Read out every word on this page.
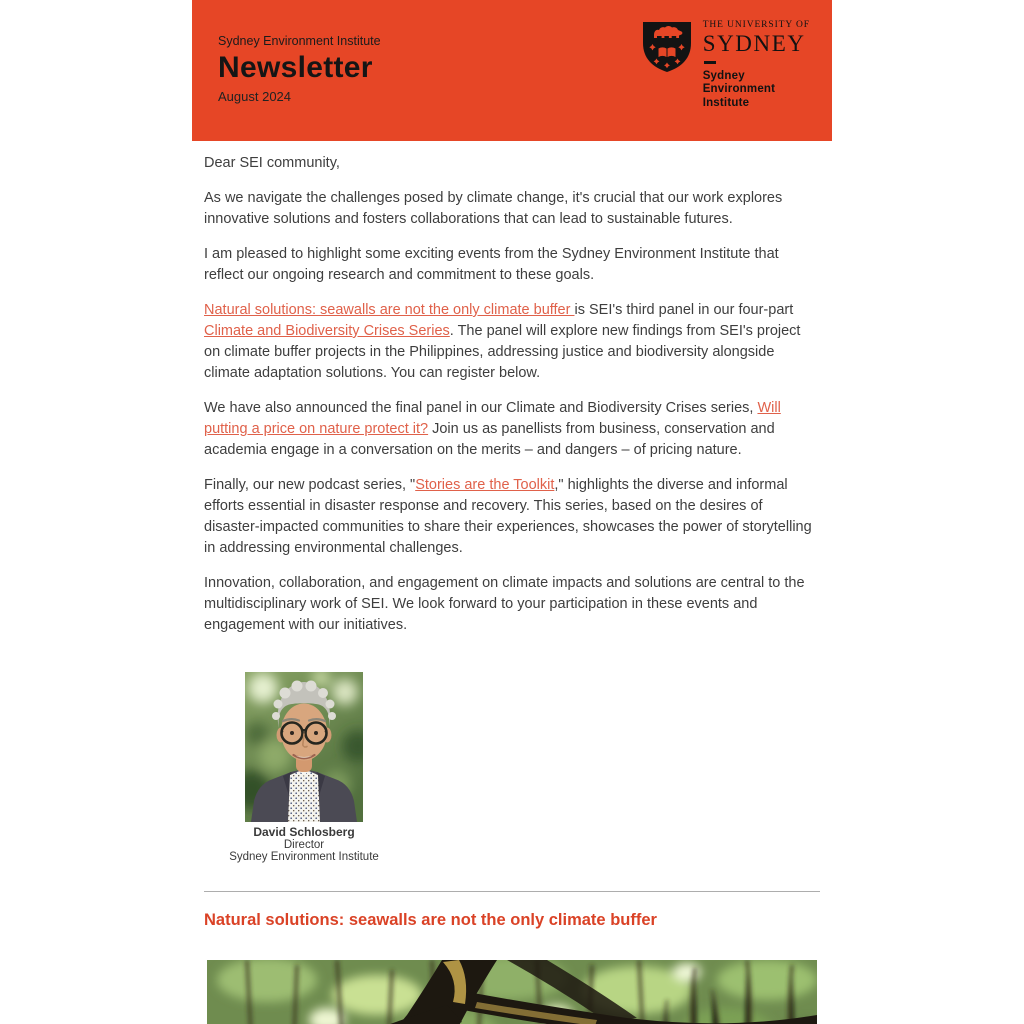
Sydney Environment Institute
Newsletter
August 2024
THE UNIVERSITY OF
SYDNEY
Sydney
Environment
Institute

Dear SEI community,

As we navigate the challenges posed by climate change, it's crucial that our work explores innovative solutions and fosters collaborations that can lead to sustainable futures.

I am pleased to highlight some exciting events from the Sydney Environment Institute that reflect our ongoing research and commitment to these goals.

Natural solutions: seawalls are not the only climate buffer is SEI's third panel in our four-part Climate and Biodiversity Crises Series. The panel will explore new findings from SEI's project on climate buffer projects in the Philippines, addressing justice and biodiversity alongside climate adaptation solutions. You can register below.

We have also announced the final panel in our Climate and Biodiversity Crises series, Will putting a price on nature protect it? Join us as panellists from business, conservation and academia engage in a conversation on the merits – and dangers – of pricing nature.

Finally, our new podcast series, "Stories are the Toolkit," highlights the diverse and informal efforts essential in disaster response and recovery. This series, based on the desires of disaster-impacted communities to share their experiences, showcases the power of storytelling in addressing environmental challenges.

Innovation, collaboration, and engagement on climate impacts and solutions are central to the multidisciplinary work of SEI. We look forward to your participation in these events and engagement with our initiatives.

David Schlosberg
Director
Sydney Environment Institute
Natural solutions: seawalls are not the only climate buffer
